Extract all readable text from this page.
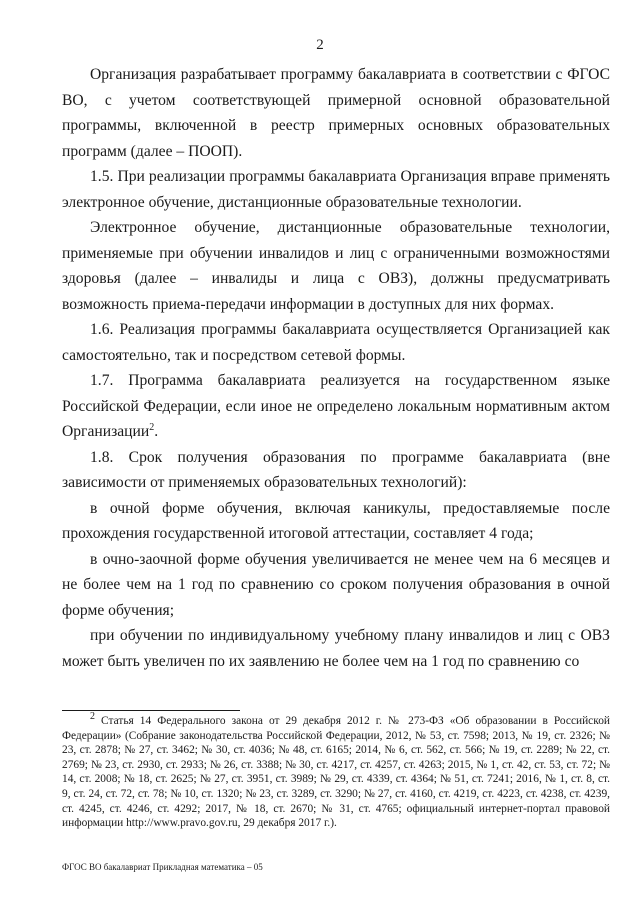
2

Организация разрабатывает программу бакалавриата в соответствии с ФГОС ВО, с учетом соответствующей примерной основной образовательной программы, включенной в реестр примерных основных образовательных программ (далее – ПООП).

1.5. При реализации программы бакалавриата Организация вправе применять электронное обучение, дистанционные образовательные технологии.

Электронное обучение, дистанционные образовательные технологии, применяемые при обучении инвалидов и лиц с ограниченными возможностями здоровья (далее – инвалиды и лица с ОВЗ), должны предусматривать возможность приема-передачи информации в доступных для них формах.

1.6. Реализация программы бакалавриата осуществляется Организацией как самостоятельно, так и посредством сетевой формы.

1.7. Программа бакалавриата реализуется на государственном языке Российской Федерации, если иное не определено локальным нормативным актом Организации$^2$.

1.8. Срок получения образования по программе бакалавриата (вне зависимости от применяемых образовательных технологий):

в очной форме обучения, включая каникулы, предоставляемые после прохождения государственной итоговой аттестации, составляет 4 года;

в очно-заочной форме обучения увеличивается не менее чем на 6 месяцев и не более чем на 1 год по сравнению со сроком получения образования в очной форме обучения;

при обучении по индивидуальному учебному плану инвалидов и лиц с ОВЗ может быть увеличен по их заявлению не более чем на 1 год по сравнению со

$^2$ Статья 14 Федерального закона от 29 декабря 2012 г. № 273-ФЗ «Об образовании в Российской Федерации» (Собрание законодательства Российской Федерации, 2012, № 53, ст. 7598; 2013, № 19, ст. 2326; № 23, ст. 2878; № 27, ст. 3462; № 30, ст. 4036; № 48, ст. 6165; 2014, № 6, ст. 562, ст. 566; № 19, ст. 2289; № 22, ст. 2769; № 23, ст. 2930, ст. 2933; № 26, ст. 3388; № 30, ст. 4217, ст. 4257, ст. 4263; 2015, № 1, ст. 42, ст. 53, ст. 72; № 14, ст. 2008; № 18, ст. 2625; № 27, ст. 3951, ст. 3989; № 29, ст. 4339, ст. 4364; № 51, ст. 7241; 2016, № 1, ст. 8, ст. 9, ст. 24, ст. 72, ст. 78; № 10, ст. 1320; № 23, ст. 3289, ст. 3290; № 27, ст. 4160, ст. 4219, ст. 4223, ст. 4238, ст. 4239, ст. 4245, ст. 4246, ст. 4292; 2017, № 18, ст. 2670; № 31, ст. 4765; официальный интернет-портал правовой информации http://www.pravo.gov.ru, 29 декабря 2017 г.).

ФГОС ВО бакалавриат Прикладная математика – 05
